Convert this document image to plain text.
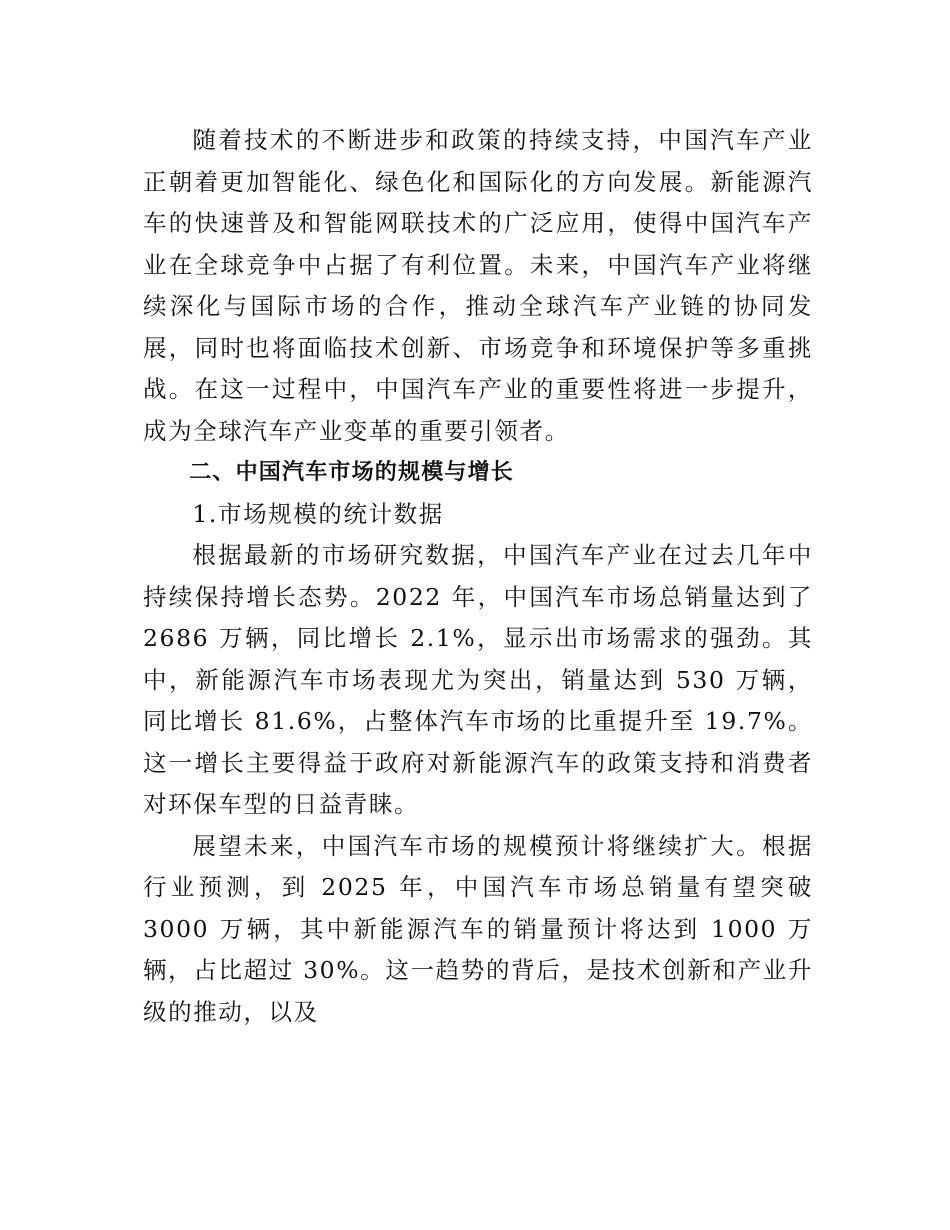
随着技术的不断进步和政策的持续支持，中国汽车产业正朝着更加智能化、绿色化和国际化的方向发展。新能源汽车的快速普及和智能网联技术的广泛应用，使得中国汽车产业在全球竞争中占据了有利位置。未来，中国汽车产业将继续深化与国际市场的合作，推动全球汽车产业链的协同发展，同时也将面临技术创新、市场竞争和环境保护等多重挑战。在这一过程中，中国汽车产业的重要性将进一步提升，成为全球汽车产业变革的重要引领者。

二、中国汽车市场的规模与增长

1.市场规模的统计数据

根据最新的市场研究数据，中国汽车产业在过去几年中持续保持增长态势。2022 年，中国汽车市场总销量达到了 2686 万辆，同比增长 2.1%，显示出市场需求的强劲。其中，新能源汽车市场表现尤为突出，销量达到 530 万辆，同比增长 81.6%，占整体汽车市场的比重提升至 19.7%。这一增长主要得益于政府对新能源汽车的政策支持和消费者对环保车型的日益青睐。

展望未来，中国汽车市场的规模预计将继续扩大。根据行业预测，到 2025 年，中国汽车市场总销量有望突破 3000 万辆，其中新能源汽车的销量预计将达到 1000 万辆，占比超过 30%。这一趋势的背后，是技术创新和产业升级的推动，以及
